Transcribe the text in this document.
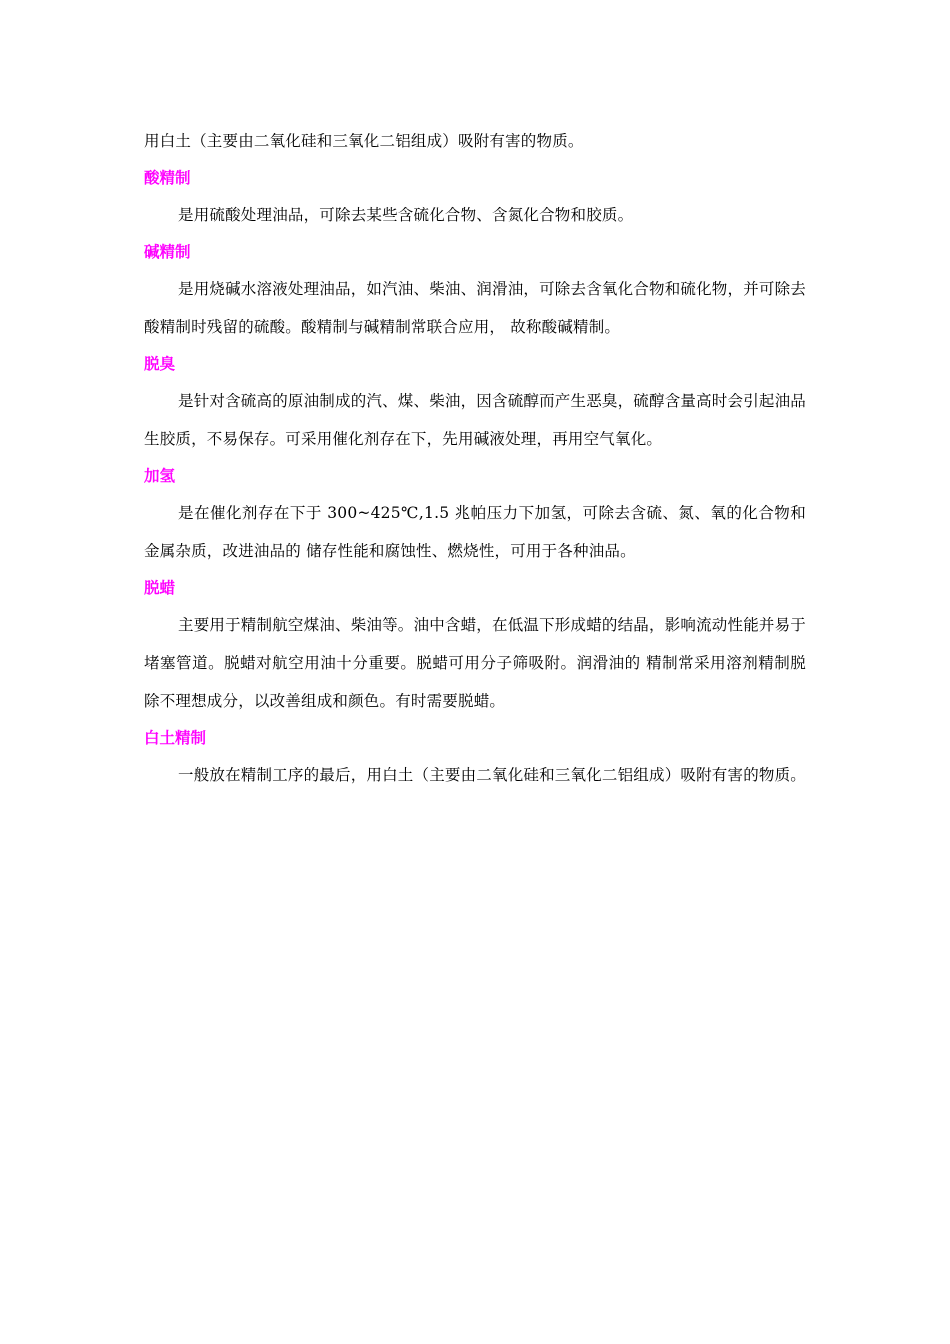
用白土（主要由二氧化硅和三氧化二铝组成）吸附有害的物质。

酸精制

是用硫酸处理油品，可除去某些含硫化合物、含氮化合物和胶质。

碱精制

是用烧碱水溶液处理油品，如汽油、柴油、润滑油，可除去含氧化合物和硫化物，并可除去酸精制时残留的硫酸。酸精制与碱精制常联合应用， 故称酸碱精制。

脱臭

是针对含硫高的原油制成的汽、煤、柴油，因含硫醇而产生恶臭，硫醇含量高时会引起油品生胶质，不易保存。可采用催化剂存在下，先用碱液处理，再用空气氧化。

加氢

是在催化剂存在下于 300~425℃,1.5 兆帕压力下加氢，可除去含硫、氮、氧的化合物和金属杂质，改进油品的 储存性能和腐蚀性、燃烧性，可用于各种油品。

脱蜡

主要用于精制航空煤油、柴油等。油中含蜡，在低温下形成蜡的结晶，影响流动性能并易于堵塞管道。脱蜡对航空用油十分重要。脱蜡可用分子筛吸附。润滑油的 精制常采用溶剂精制脱除不理想成分，以改善组成和颜色。有时需要脱蜡。

白土精制

一般放在精制工序的最后，用白土（主要由二氧化硅和三氧化二铝组成）吸附有害的物质。
